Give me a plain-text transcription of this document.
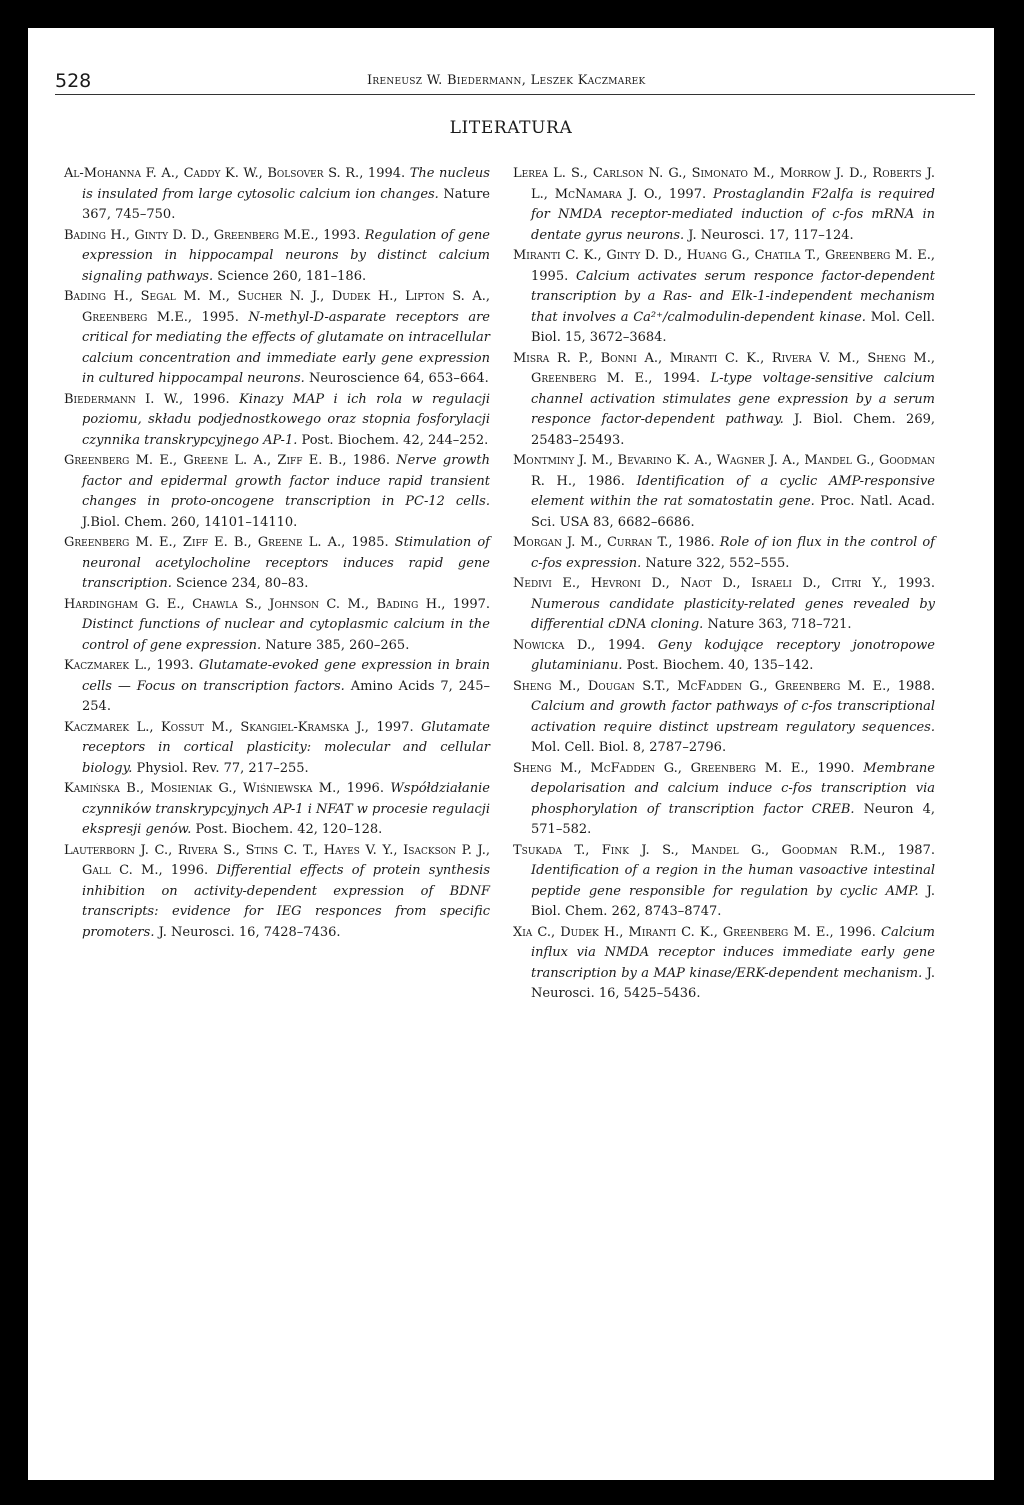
528	Ireneusz W. Biedermann, Leszek Kaczmarek
LITERATURA
Al-Mohanna F. A., Caddy K. W., Bolsover S. R., 1994. The nucleus is insulated from large cytosolic calcium ion changes. Nature 367, 745–750.
Bading H., Ginty D. D., Greenberg M.E., 1993. Regulation of gene expression in hippocampal neurons by distinct calcium signaling pathways. Science 260, 181–186.
Bading H., Segal M. M., Sucher N. J., Dudek H., Lipton S. A., Greenberg M.E., 1995. N-methyl-D-asparate receptors are critical for mediating the effects of glutamate on intracellular calcium concentration and immediate early gene expression in cultured hippocampal neurons. Neuroscience 64, 653–664.
Biedermann I. W., 1996. Kinazy MAP i ich rola w regulacji poziomu, składu podjednostkowego oraz stopnia fosforylacji czynnika transkrypcyjnego AP-1. Post. Biochem. 42, 244–252.
Greenberg M. E., Greene L. A., Ziff E. B., 1986. Nerve growth factor and epidermal growth factor induce rapid transient changes in proto-oncogene transcription in PC-12 cells. J.Biol. Chem. 260, 14101–14110.
Greenberg M. E., Ziff E. B., Greene L. A., 1985. Stimulation of neuronal acetylocholine receptors induces rapid gene transcription. Science 234, 80–83.
Hardingham G. E., Chawla S., Johnson C. M., Bading H., 1997. Distinct functions of nuclear and cytoplasmic calcium in the control of gene expression. Nature 385, 260–265.
Kaczmarek L., 1993. Glutamate-evoked gene expression in brain cells — Focus on transcription factors. Amino Acids 7, 245–254.
Kaczmarek L., Kossut M., Skangiel-Kramska J., 1997. Glutamate receptors in cortical plasticity: molecular and cellular biology. Physiol. Rev. 77, 217–255.
Kamińska B., Mosieniak G., Wiśniewska M., 1996. Współdziałanie czynników transkrypcyjnych AP-1 i NFAT w procesie regulacji ekspresji genów. Post. Biochem. 42, 120–128.
Lauterborn J. C., Rivera S., Stins C. T., Hayes V. Y., Isackson P. J., Gall C. M., 1996. Differential effects of protein synthesis inhibition on activity-dependent expression of BDNF transcripts: evidence for IEG responces from specific promoters. J. Neurosci. 16, 7428–7436.
Lerea L. S., Carlson N. G., Simonato M., Morrow J. D., Roberts J. L., McNamara J. O., 1997. Prostaglandin F2alfa is required for NMDA receptor-mediated induction of c-fos mRNA in dentate gyrus neurons. J. Neurosci. 17, 117–124.
Miranti C. K., Ginty D. D., Huang G., Chatila T., Greenberg M. E., 1995. Calcium activates serum responce factor-dependent transcription by a Ras- and Elk-1-independent mechanism that involves a Ca²⁺/calmodulin-dependent kinase. Mol. Cell. Biol. 15, 3672–3684.
Misra R. P., Bonni A., Miranti C. K., Rivera V. M., Sheng M., Greenberg M. E., 1994. L-type voltage-sensitive calcium channel activation stimulates gene expression by a serum responce factor-dependent pathway. J. Biol. Chem. 269, 25483–25493.
Montminy J. M., Bevarino K. A., Wagner J. A., Mandel G., Goodman R. H., 1986. Identification of a cyclic AMP-responsive element within the rat somatostatin gene. Proc. Natl. Acad. Sci. USA 83, 6682–6686.
Morgan J. M., Curran T., 1986. Role of ion flux in the control of c-fos expression. Nature 322, 552–555.
Nedivi E., Hevroni D., Naot D., Israeli D., Citri Y., 1993. Numerous candidate plasticity-related genes revealed by differential cDNA cloning. Nature 363, 718–721.
Nowicka D., 1994. Geny kodujące receptory jonotropowe glutaminianu. Post. Biochem. 40, 135–142.
Sheng M., Dougan S.T., McFadden G., Greenberg M. E., 1988. Calcium and growth factor pathways of c-fos transcriptional activation require distinct upstream regulatory sequences. Mol. Cell. Biol. 8, 2787–2796.
Sheng M., McFadden G., Greenberg M. E., 1990. Membrane depolarisation and calcium induce c-fos transcription via phosphorylation of transcription factor CREB. Neuron 4, 571–582.
Tsukada T., Fink J. S., Mandel G., Goodman R.M., 1987. Identification of a region in the human vasoactive intestinal peptide gene responsible for regulation by cyclic AMP. J. Biol. Chem. 262, 8743–8747.
Xia C., Dudek H., Miranti C. K., Greenberg M. E., 1996. Calcium influx via NMDA receptor induces immediate early gene transcription by a MAP kinase/ERK-dependent mechanism. J. Neurosci. 16, 5425–5436.
